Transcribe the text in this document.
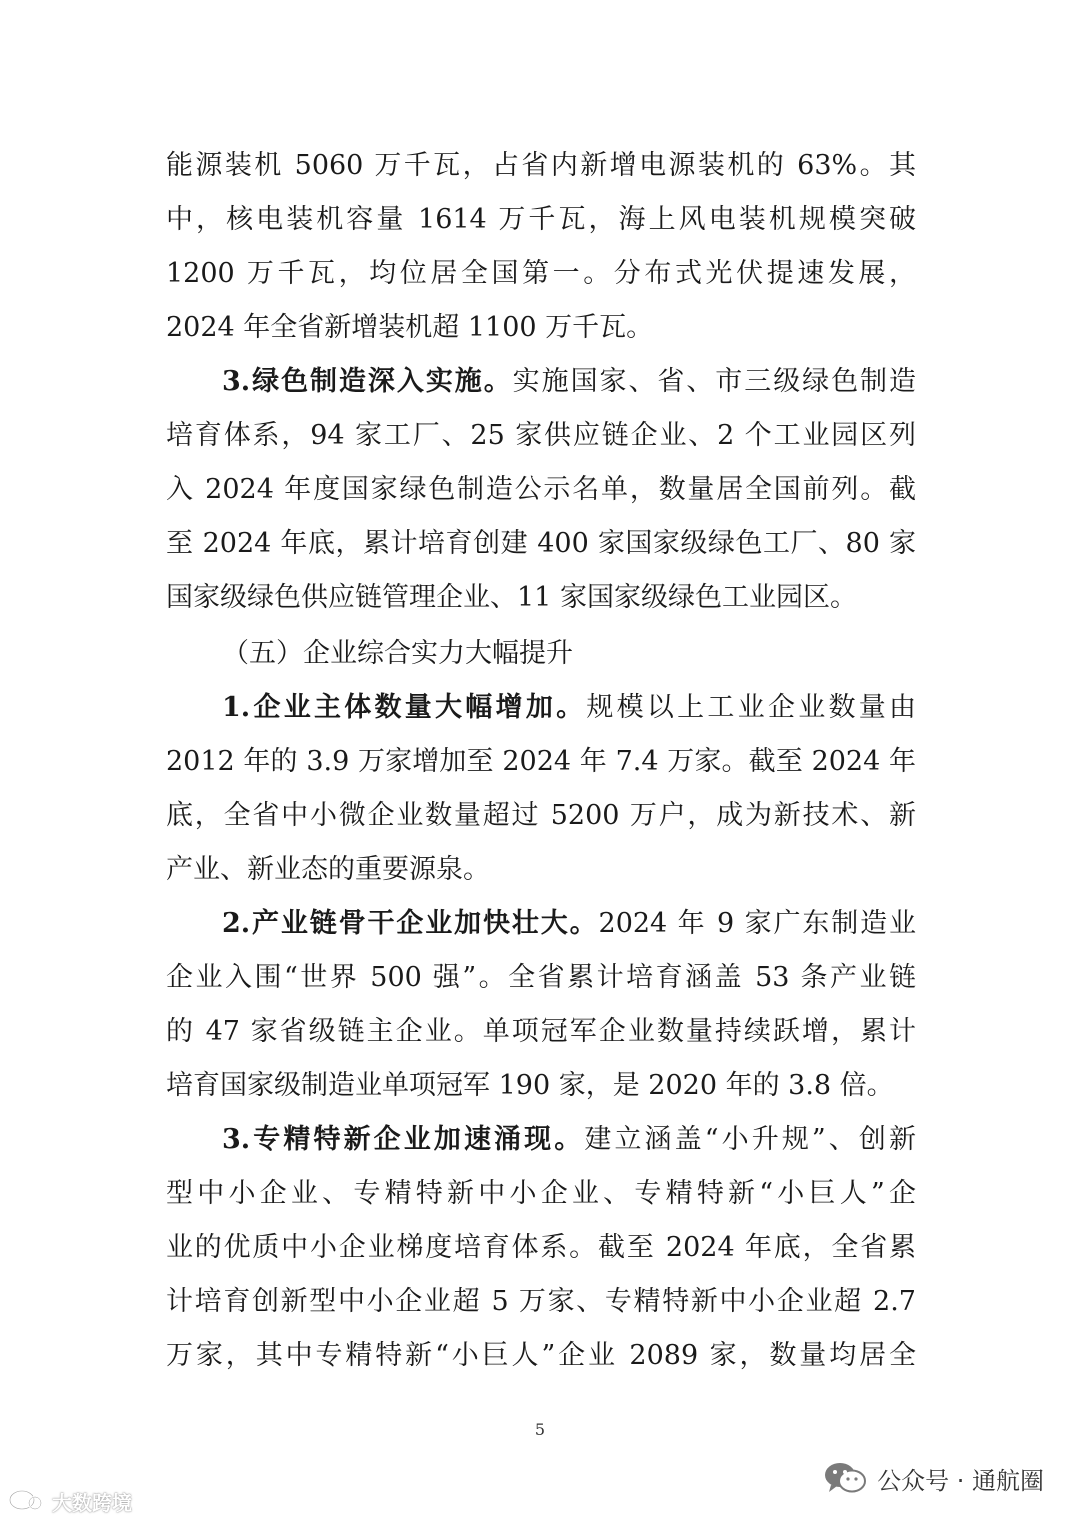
能源装机 5060 万千瓦，占省内新增电源装机的 63%。其
中，核电装机容量 1614 万千瓦，海上风电装机规模突破
1200 万千瓦，均位居全国第一。分布式光伏提速发展，
2024 年全省新增装机超 1100 万千瓦。
3.绿色制造深入实施。实施国家、省、市三级绿色制造
培育体系，94 家工厂、25 家供应链企业、2 个工业园区列
入 2024 年度国家绿色制造公示名单，数量居全国前列。截
至 2024 年底，累计培育创建 400 家国家级绿色工厂、80 家
国家级绿色供应链管理企业、11 家国家级绿色工业园区。
（五）企业综合实力大幅提升
1.企业主体数量大幅增加。规模以上工业企业数量由
2012 年的 3.9 万家增加至 2024 年 7.4 万家。截至 2024 年
底，全省中小微企业数量超过 5200 万户，成为新技术、新
产业、新业态的重要源泉。
2.产业链骨干企业加快壮大。2024 年 9 家广东制造业
企业入围“世界 500 强”。全省累计培育涵盖 53 条产业链
的 47 家省级链主企业。单项冠军企业数量持续跃增，累计
培育国家级制造业单项冠军 190 家，是 2020 年的 3.8 倍。
3.专精特新企业加速涌现。建立涵盖“小升规”、创新
型中小企业、专精特新中小企业、专精特新“小巨人”企
业的优质中小企业梯度培育体系。截至 2024 年底，全省累
计培育创新型中小企业超 5 万家、专精特新中小企业超 2.7
万家，其中专精特新“小巨人”企业 2089 家，数量均居全
5
大数跨境
公众号 · 通航圈
